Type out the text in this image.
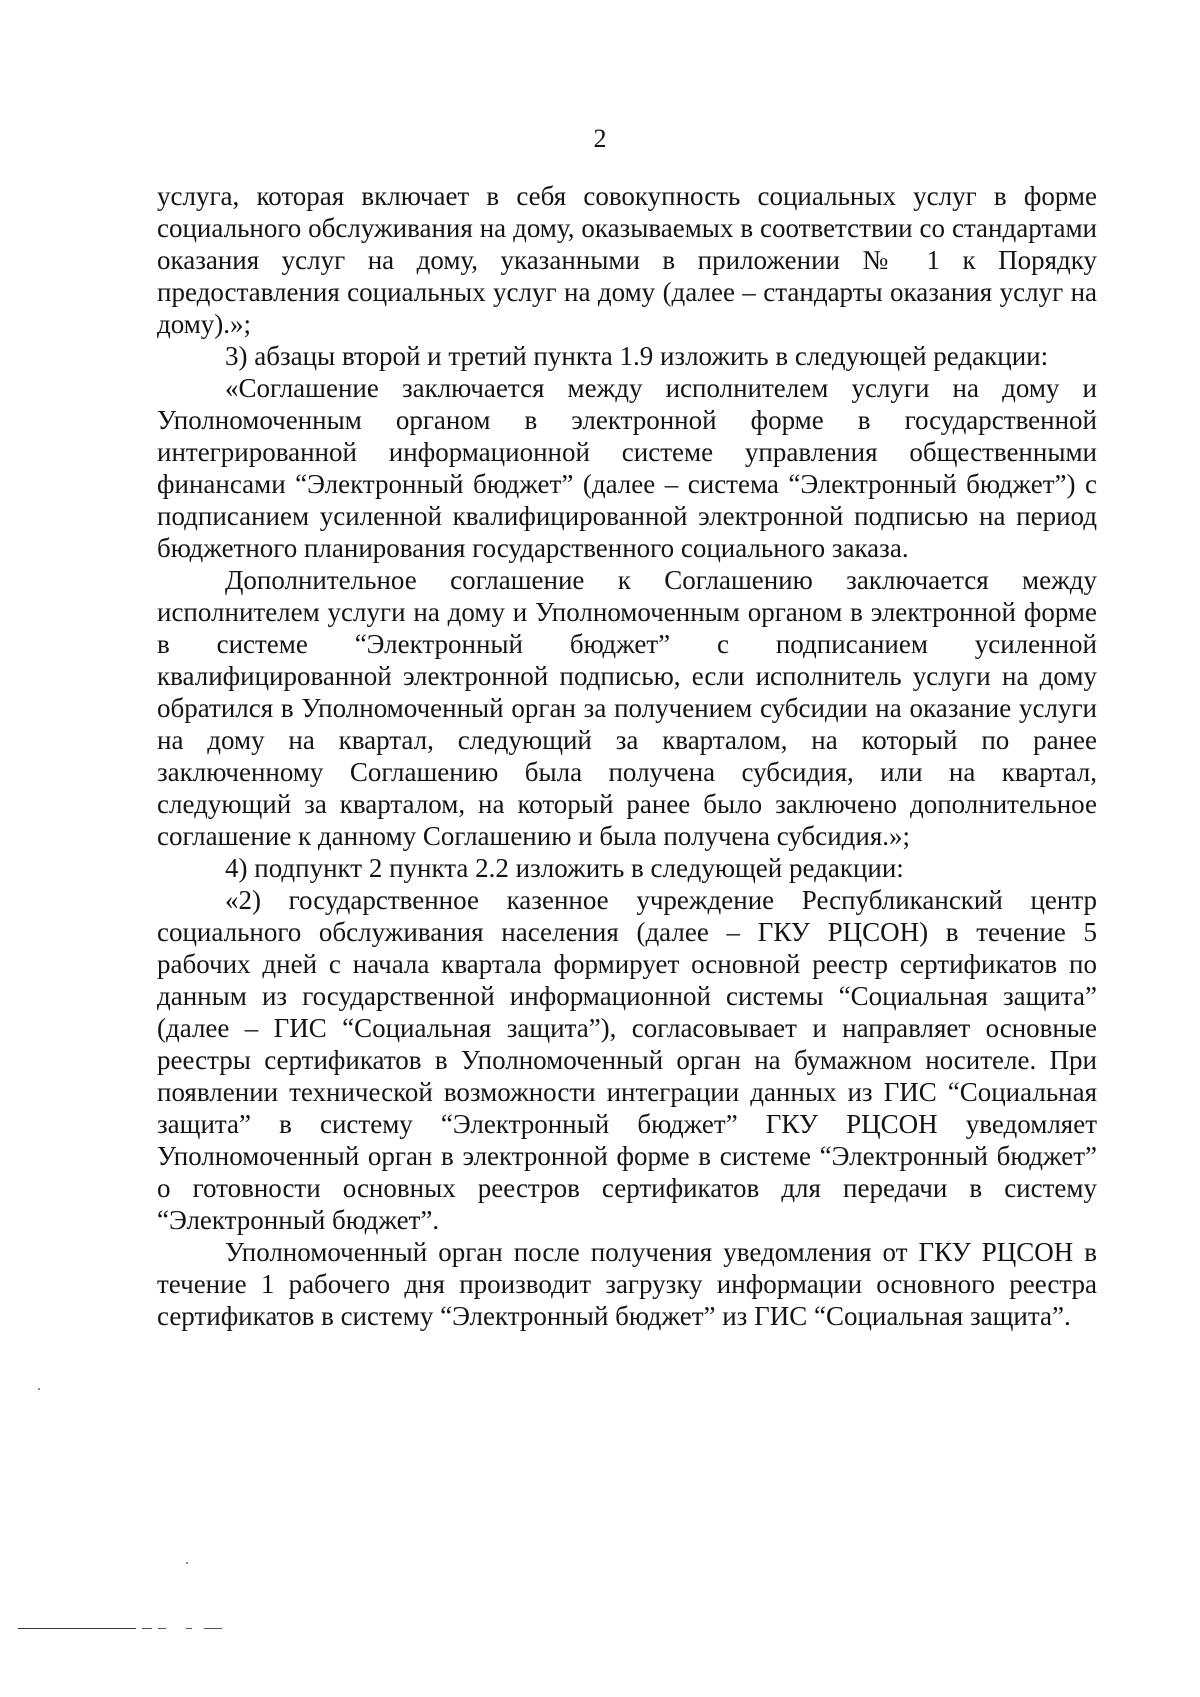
2

услуга, которая включает в себя совокупность социальных услуг в форме социального обслуживания на дому, оказываемых в соответствии со стандартами оказания услуг на дому, указанными в приложении № 1 к Порядку предоставления социальных услуг на дому (далее – стандарты оказания услуг на дому).»;

3) абзацы второй и третий пункта 1.9 изложить в следующей редакции:

«Соглашение заключается между исполнителем услуги на дому и Уполномоченным органом в электронной форме в государственной интегрированной информационной системе управления общественными финансами “Электронный бюджет” (далее – система “Электронный бюджет”) с подписанием усиленной квалифицированной электронной подписью на период бюджетного планирования государственного социального заказа.

Дополнительное соглашение к Соглашению заключается между исполнителем услуги на дому и Уполномоченным органом в электронной форме в системе “Электронный бюджет” с подписанием усиленной квалифицированной электронной подписью, если исполнитель услуги на дому обратился в Уполномоченный орган за получением субсидии на оказание услуги на дому на квартал, следующий за кварталом, на который по ранее заключенному Соглашению была получена субсидия, или на квартал, следующий за кварталом, на который ранее было заключено дополнительное соглашение к данному Соглашению и была получена субсидия.»;

4) подпункт 2 пункта 2.2 изложить в следующей редакции:

«2) государственное казенное учреждение Республиканский центр социального обслуживания населения (далее – ГКУ РЦСОН) в течение 5 рабочих дней с начала квартала формирует основной реестр сертификатов по данным из государственной информационной системы “Социальная защита” (далее – ГИС “Социальная защита”), согласовывает и направляет основные реестры сертификатов в Уполномоченный орган на бумажном носителе. При появлении технической возможности интеграции данных из ГИС “Социальная защита” в систему “Электронный бюджет” ГКУ РЦСОН уведомляет Уполномоченный орган в электронной форме в системе “Электронный бюджет” о готовности основных реестров сертификатов для передачи в систему “Электронный бюджет”.

Уполномоченный орган после получения уведомления от ГКУ РЦСОН в течение 1 рабочего дня производит загрузку информации основного реестра сертификатов в систему “Электронный бюджет” из ГИС “Социальная защита”.
